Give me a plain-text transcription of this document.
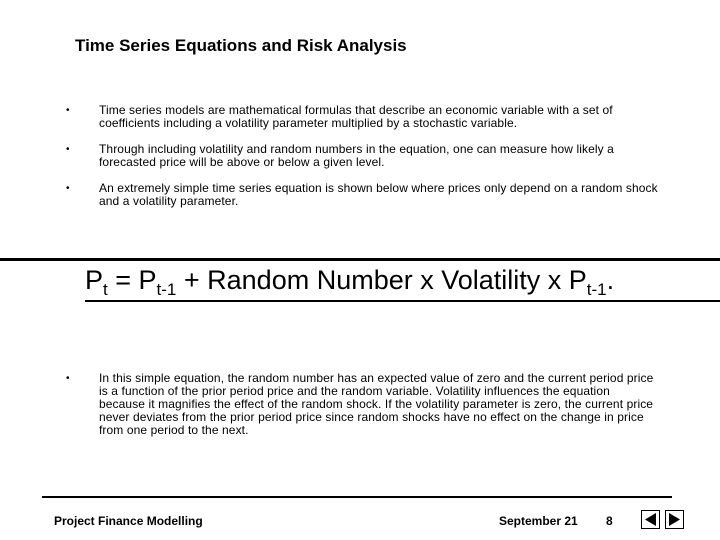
Time Series Equations and Risk Analysis
• Time series models are mathematical formulas that describe an economic variable with a set of coefficients including a volatility parameter multiplied by a stochastic variable.
• Through including volatility and random numbers in the equation, one can measure how likely a forecasted price will be above or below a given level.
• An extremely simple time series equation is shown below where prices only depend on a random shock and a volatility parameter.
$P_t = P_{t-1}$ + Random Number x Volatility x $P_{t-1}$.
• In this simple equation, the random number has an expected value of zero and the current period price is a function of the prior period price and the random variable. Volatility influences the equation because it magnifies the effect of the random shock. If the volatility parameter is zero, the current price never deviates from the prior period price since random shocks have no effect on the change in price from one period to the next.
Project Finance Modelling	September 21 8
